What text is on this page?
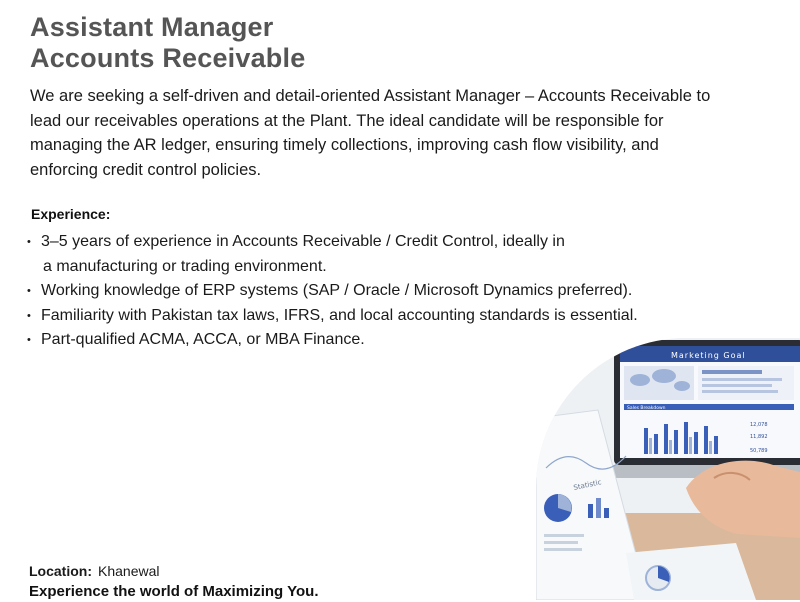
Assistant Manager
Accounts Receivable

We are seeking a self-driven and detail-oriented Assistant Manager – Accounts Receivable to lead our receivables operations at the Plant. The ideal candidate will be responsible for managing the AR ledger, ensuring timely collections, improving cash flow visibility, and enforcing credit control policies.

Experience:
• 3–5 years of experience in Accounts Receivable / Credit Control, ideally in
a manufacturing or trading environment.
• Working knowledge of ERP systems (SAP / Oracle / Microsoft Dynamics preferred).
• Familiarity with Pakistan tax laws, IFRS, and local accounting standards is essential.
• Part-qualified ACMA, ACCA, or MBA Finance.
Marketing Goal
Sales Breakdown
12,078
11,892
50,789
Statistic
Location: Khanewal
Experience the world of Maximizing You.
